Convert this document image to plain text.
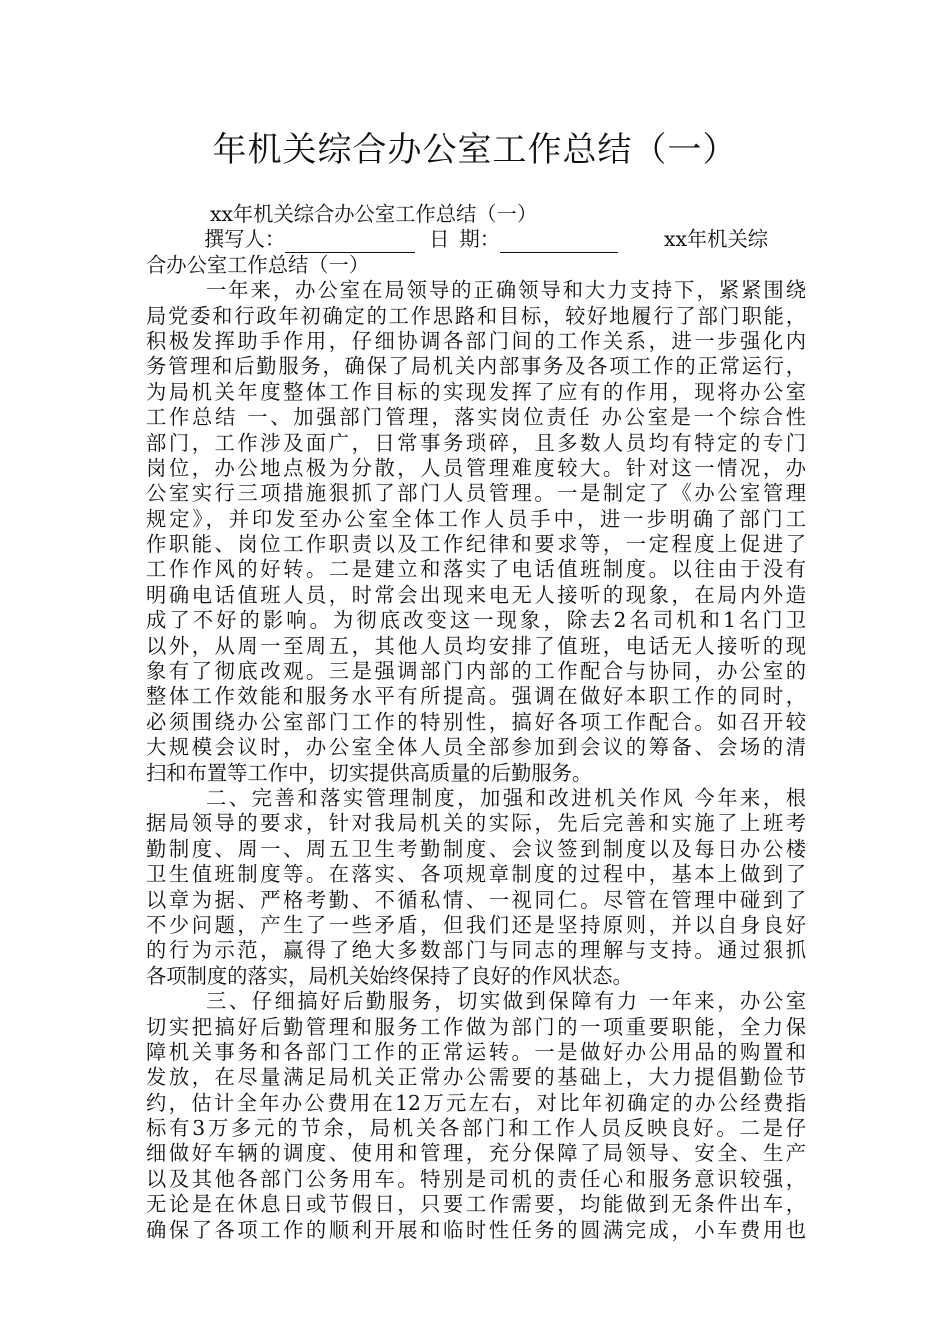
年机关综合办公室工作总结（一）
xx年机关综合办公室工作总结（一）
撰写人：	日 期：	xx年机关综
合办公室工作总结（一）
一年来，办公室在局领导的正确领导和大力支持下，紧紧围绕
局党委和行政年初确定的工作思路和目标，较好地履行了部门职能，
积极发挥助手作用，仔细协调各部门间的工作关系，进一步强化内
务管理和后勤服务，确保了局机关内部事务及各项工作的正常运行，
为局机关年度整体工作目标的实现发挥了应有的作用，现将办公室
工作总结 一、加强部门管理，落实岗位责任 办公室是一个综合性
部门，工作涉及面广，日常事务琐碎，且多数人员均有特定的专门
岗位，办公地点极为分散，人员管理难度较大。针对这一情况，办
公室实行三项措施狠抓了部门人员管理。一是制定了《办公室管理
规定》，并印发至办公室全体工作人员手中，进一步明确了部门工
作职能、岗位工作职责以及工作纪律和要求等，一定程度上促进了
工作作风的好转。二是建立和落实了电话值班制度。以往由于没有
明确电话值班人员，时常会出现来电无人接听的现象，在局内外造
成了不好的影响。为彻底改变这一现象，除去2名司机和1名门卫
以外，从周一至周五，其他人员均安排了值班，电话无人接听的现
象有了彻底改观。三是强调部门内部的工作配合与协同，办公室的
整体工作效能和服务水平有所提高。强调在做好本职工作的同时，
必须围绕办公室部门工作的特别性，搞好各项工作配合。如召开较
大规模会议时，办公室全体人员全部参加到会议的筹备、会场的清
扫和布置等工作中，切实提供高质量的后勤服务。
二、完善和落实管理制度，加强和改进机关作风 今年来，根
据局领导的要求，针对我局机关的实际，先后完善和实施了上班考
勤制度、周一、周五卫生考勤制度、会议签到制度以及每日办公楼
卫生值班制度等。在落实、各项规章制度的过程中，基本上做到了
以章为据、严格考勤、不循私情、一视同仁。尽管在管理中碰到了
不少问题，产生了一些矛盾，但我们还是坚持原则，并以自身良好
的行为示范，赢得了绝大多数部门与同志的理解与支持。通过狠抓
各项制度的落实，局机关始终保持了良好的作风状态。
三、仔细搞好后勤服务，切实做到保障有力 一年来，办公室
切实把搞好后勤管理和服务工作做为部门的一项重要职能，全力保
障机关事务和各部门工作的正常运转。一是做好办公用品的购置和
发放，在尽量满足局机关正常办公需要的基础上，大力提倡勤俭节
约，估计全年办公费用在12万元左右，对比年初确定的办公经费指
标有3万多元的节余，局机关各部门和工作人员反映良好。二是仔
细做好车辆的调度、使用和管理，充分保障了局领导、安全、生产
以及其他各部门公务用车。特别是司机的责任心和服务意识较强，
无论是在休息日或节假日，只要工作需要，均能做到无条件出车，
确保了各项工作的顺利开展和临时性任务的圆满完成，小车费用也
